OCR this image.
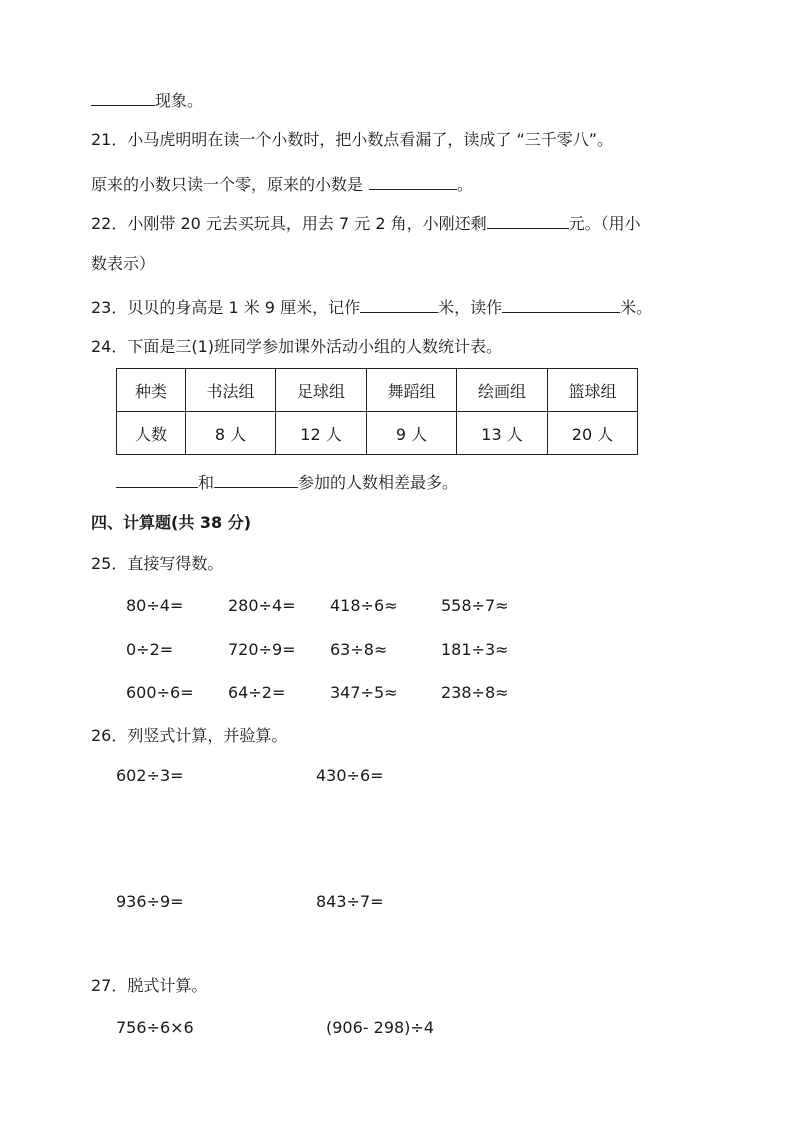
现象。
21．小马虎明明在读一个小数时，把小数点看漏了，读成了 “三千零八”。
原来的小数只读一个零，原来的小数是	。
22．小刚带 20 元去买玩具，用去 7 元 2 角，小刚还剩	元。（用小
数表示）
23．贝贝的身高是 1 米 9 厘米，记作	米，读作	米。
24．下面是三(1)班同学参加课外活动小组的人数统计表。
种类	书法组	足球组	舞蹈组	绘画组	篮球组
人数	8 人	12 人	9 人	13 人	20 人
和	参加的人数相差最多。
四、计算题(共 38 分)
25．直接写得数。
80÷4=	280÷4= 418÷6≈	558÷7≈
0÷2=	720÷9= 63÷8≈	181÷3≈
600÷6= 64÷2=	347÷5≈	238÷8≈
26．列竖式计算，并验算。
602÷3=	430÷6=
936÷9=	843÷7=
27．脱式计算。
756÷6×6	(906- 298)÷4
